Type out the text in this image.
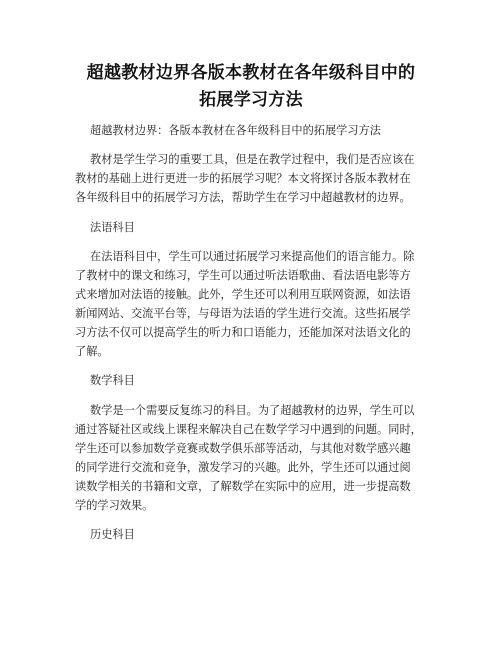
超越教材边界各版本教材在各年级科目中的
拓展学习方法
超越教材边界：各版本教材在各年级科目中的拓展学习方法
教材是学生学习的重要工具，但是在教学过程中，我们是否应该在
教材的基础上进行更进一步的拓展学习呢？本文将探讨各版本教材在
各年级科目中的拓展学习方法，帮助学生在学习中超越教材的边界。
法语科目
在法语科目中，学生可以通过拓展学习来提高他们的语言能力。除
了教材中的课文和练习，学生可以通过听法语歌曲、看法语电影等方
式来增加对法语的接触。此外，学生还可以利用互联网资源，如法语
新闻网站、交流平台等，与母语为法语的学生进行交流。这些拓展学
习方法不仅可以提高学生的听力和口语能力，还能加深对法语文化的
了解。
数学科目
数学是一个需要反复练习的科目。为了超越教材的边界，学生可以
通过答疑社区或线上课程来解决自己在数学学习中遇到的问题。同时，
学生还可以参加数学竞赛或数学俱乐部等活动，与其他对数学感兴趣
的同学进行交流和竞争，激发学习的兴趣。此外，学生还可以通过阅
读数学相关的书籍和文章，了解数学在实际中的应用，进一步提高数
学的学习效果。
历史科目
